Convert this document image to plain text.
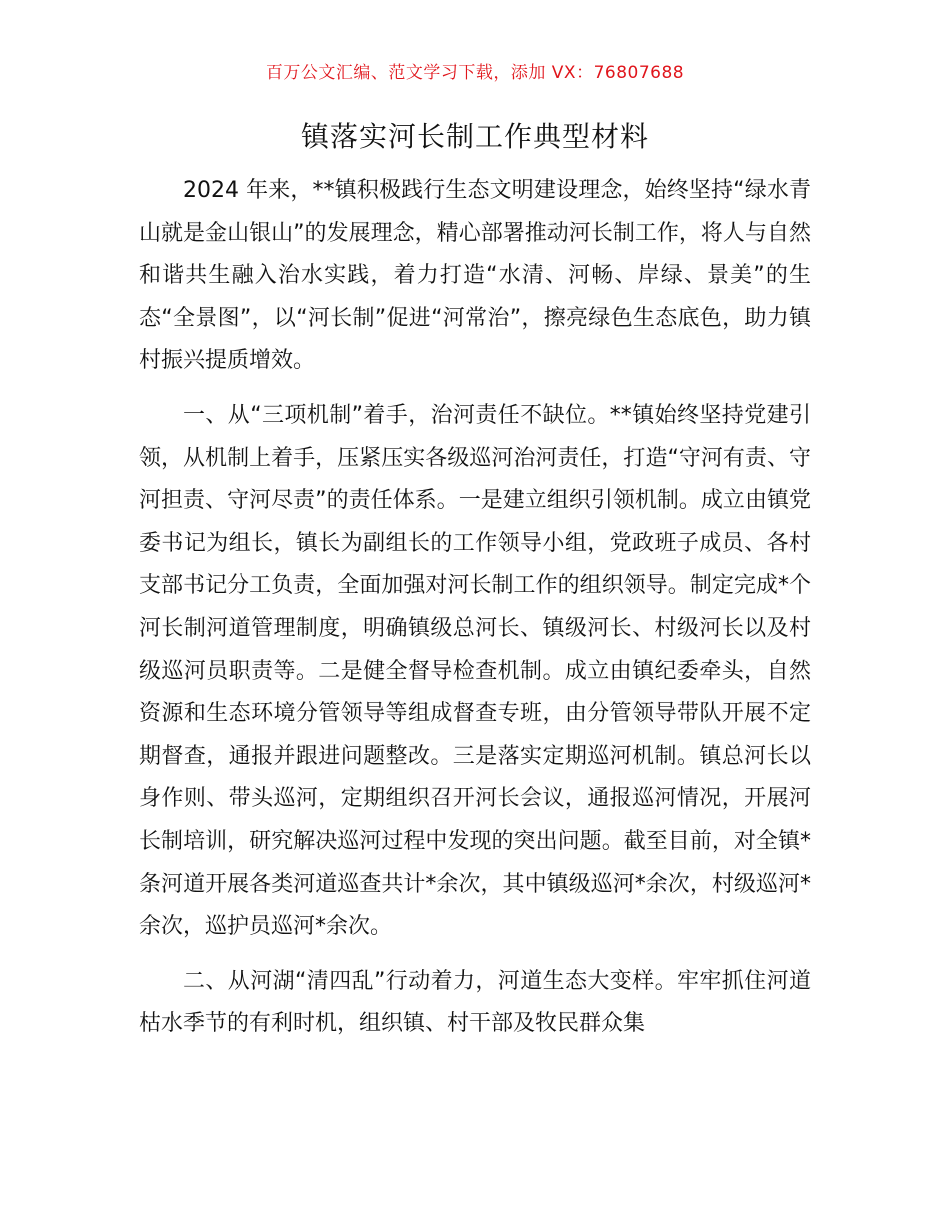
百万公文汇编、范文学习下载，添加 VX：76807688
镇落实河长制工作典型材料

2024 年来，**镇积极践行生态文明建设理念，始终坚持“绿水青山就是金山银山”的发展理念，精心部署推动河长制工作，将人与自然和谐共生融入治水实践，着力打造“水清、河畅、岸绿、景美”的生态“全景图”，以“河长制”促进“河常治”，擦亮绿色生态底色，助力镇村振兴提质增效。

一、从“三项机制”着手，治河责任不缺位。**镇始终坚持党建引领，从机制上着手，压紧压实各级巡河治河责任，打造“守河有责、守河担责、守河尽责”的责任体系。一是建立组织引领机制。成立由镇党委书记为组长，镇长为副组长的工作领导小组，党政班子成员、各村支部书记分工负责，全面加强对河长制工作的组织领导。制定完成*个河长制河道管理制度，明确镇级总河长、镇级河长、村级河长以及村级巡河员职责等。二是健全督导检查机制。成立由镇纪委牵头，自然资源和生态环境分管领导等组成督查专班，由分管领导带队开展不定期督查，通报并跟进问题整改。三是落实定期巡河机制。镇总河长以身作则、带头巡河，定期组织召开河长会议，通报巡河情况，开展河长制培训，研究解决巡河过程中发现的突出问题。截至目前，对全镇*条河道开展各类河道巡查共计*余次，其中镇级巡河*余次，村级巡河*余次，巡护员巡河*余次。

二、从河湖“清四乱”行动着力，河道生态大变样。牢牢抓住河道枯水季节的有利时机，组织镇、村干部及牧民群众集
